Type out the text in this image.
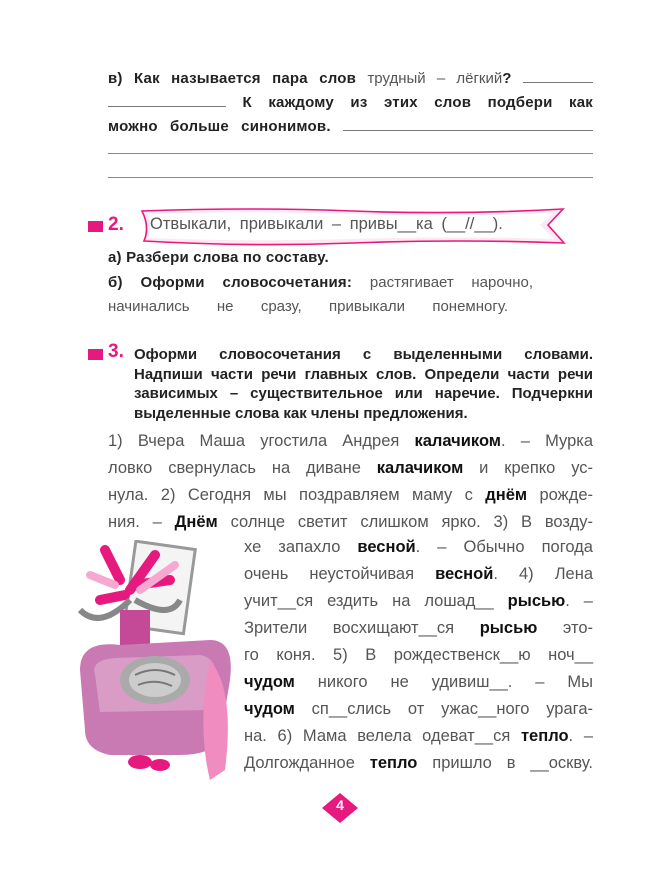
в) Как называется пара слов трудный – лёгкий?
К каждому из этих слов подбери как
можно больше синонимов.
2. Отвыкали, привыкали – привы__ка (__//__).
а) Разбери слова по составу.
б) Оформи словосочетания: растягивает нарочно,
начинались не сразу, привыкали понемногу.
3. Оформи словосочетания с выделенными словами.
Надпиши части речи главных слов. Определи части речи
зависимых – существительное или наречие. Подчеркни
выделенные слова как члены предложения.
1) Вчера Маша угостила Андрея калачиком. – Мурка
ловко свернулась на диване калачиком и крепко ус-
нула. 2) Сегодня мы поздравляем маму с днём рожде-
ния. – Днём солнце светит слишком ярко. 3) В возду-
хе запахло весной. – Обычно погода
очень неустойчивая весной. 4) Лена
учит__ся ездить на лошад__ рысью. –
Зрители восхищают__ся рысью это-
го коня. 5) В рождественск__ю ноч__
чудом никого не удивиш__. – Мы
чудом сп__слись от ужас__ного урага-
на. 6) Мама велела одеват__ся тепло. –
Долгожданное тепло пришло в __оскву.
4
